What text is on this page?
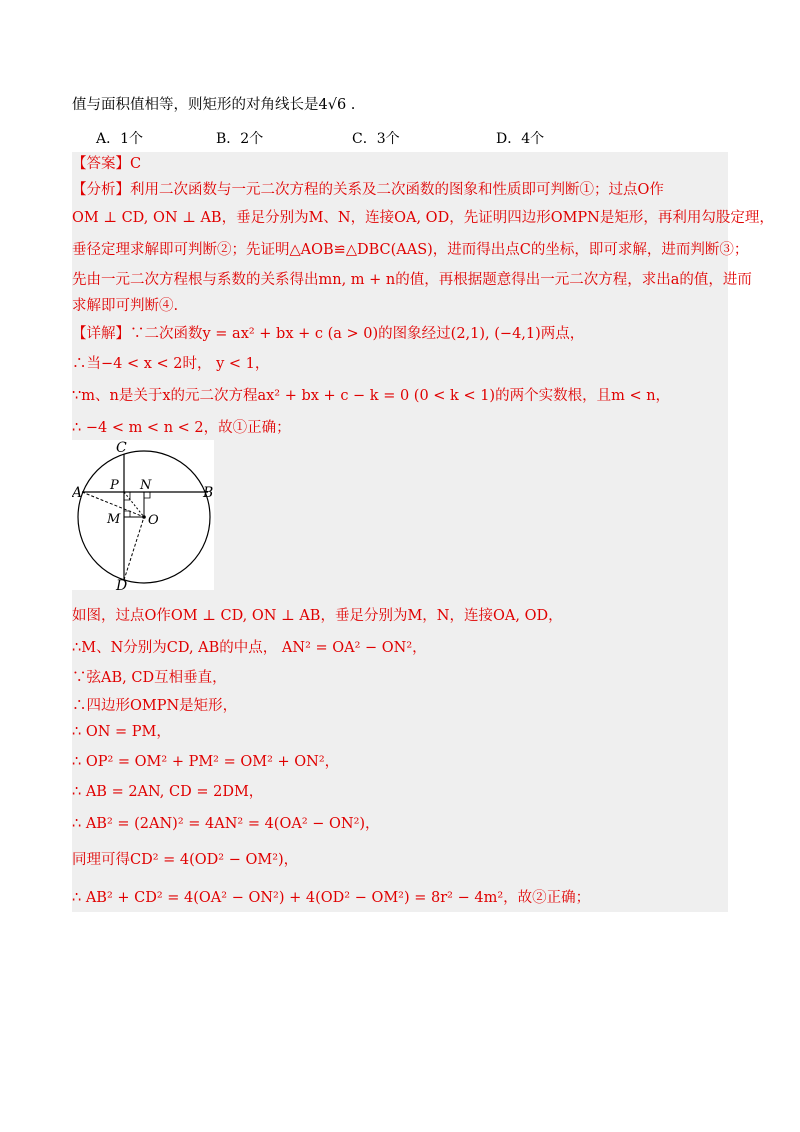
值与面积值相等，则矩形的对角线长是4√6 .
A．1个	B．2个	C．3个	D．4个
【答案】C
【分析】利用二次函数与一元二次方程的关系及二次函数的图象和性质即可判断①；过点O作
OM ⊥ CD, ON ⊥ AB，垂足分别为M、N，连接OA, OD，先证明四边形OMPN是矩形，再利用勾股定理，
垂径定理求解即可判断②；先证明△AOB≌△DBC(AAS)，进而得出点C的坐标，即可求解，进而判断③；
先由一元二次方程根与系数的关系得出mn, m + n的值，再根据题意得出一元二次方程，求出a的值，进而
求解即可判断④.
【详解】∵二次函数y = ax² + bx + c (a > 0)的图象经过(2,1), (−4,1)两点，
∴当−4 < x < 2时， y < 1，
∵m、n是关于x的元二次方程ax² + bx + c − k = 0 (0 < k < 1)的两个实数根，且m < n，
∴ −4 < m < n < 2，故①正确；
C
A P N	B
M O
D
如图，过点O作OM ⊥ CD, ON ⊥ AB，垂足分别为M，N，连接OA, OD，
∴M、N分别为CD, AB的中点， AN² = OA² − ON²，
∵弦AB, CD互相垂直，
∴四边形OMPN是矩形，
∴ ON = PM，
∴ OP² = OM² + PM² = OM² + ON²，
∴ AB = 2AN, CD = 2DM，
∴ AB² = (2AN)² = 4AN² = 4(OA² − ON²)，
同理可得CD² = 4(OD² − OM²)，
∴ AB² + CD² = 4(OA² − ON²) + 4(OD² − OM²) = 8r² − 4m²，故②正确；
